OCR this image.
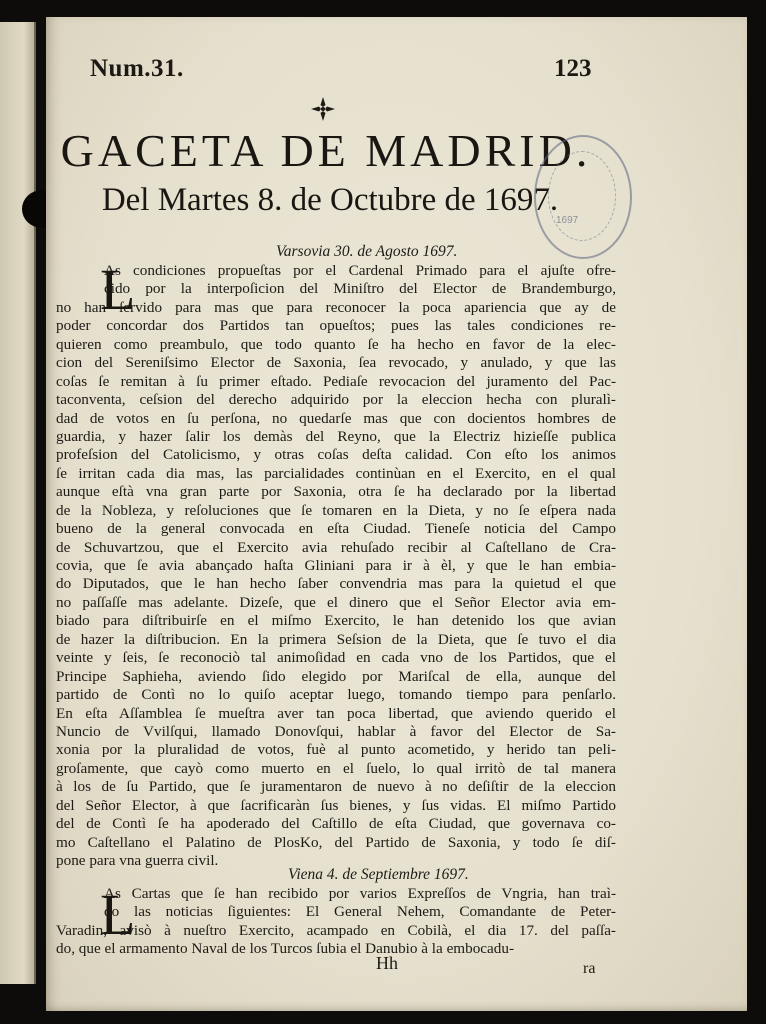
Num.31.	123
GACETA DE MADRID.
Del Martes 8. de Octubre de 1697.
1697
Varsovia 30. de Agosto 1697.
L
As condiciones propueſtas por el Cardenal Primado para el ajuſte ofre-
cido por la interpoſicion del Miniſtro del Elector de Brandemburgo,
no han ſervido para mas que para reconocer la poca apariencia que ay de
poder concordar dos Partidos tan opueſtos; pues las tales condiciones re-
quieren como preambulo, que todo quanto ſe ha hecho en favor de la elec-
cion del Sereniſsimo Elector de Saxonia, ſea revocado, y anulado, y que las
coſas ſe remitan à ſu primer eſtado. Pediaſe revocacion del juramento del Pac-
taconventa, ceſsion del derecho adquirido por la eleccion hecha con pluralì-
dad de votos en ſu perſona, no quedarſe mas que con docientos hombres de
guardia, y hazer ſalir los demàs del Reyno, que la Electriz hizieſſe publica
profeſsion del Catolicismo, y otras coſas deſta calidad. Con eſto los animos
ſe irritan cada dia mas, las parcialidades continùan en el Exercito, en el qual
aunque eſtà vna gran parte por Saxonia, otra ſe ha declarado por la libertad
de la Nobleza, y reſoluciones que ſe tomaren en la Dieta, y no ſe eſpera nada
bueno de la general convocada en eſta Ciudad. Tieneſe noticia del Campo
de Schuvartzou, que el Exercito avia rehuſado recibir al Caſtellano de Cra-
covia, que ſe avia abançado haſta Gliniani para ir à èl, y que le han embia-
do Diputados, que le han hecho ſaber convendria mas para la quietud el que
no paſſaſſe mas adelante. Dizeſe, que el dinero que el Señor Elector avia em-
biado para diſtribuirſe en el miſmo Exercito, le han detenido los que avian
de hazer la diſtribucion. En la primera Seſsion de la Dieta, que ſe tuvo el dia
veinte y ſeis, ſe reconociò tal animoſidad en cada vno de los Partidos, que el
Principe Saphieha, aviendo ſido elegido por Mariſcal de ella, aunque del
partido de Contì no lo quiſo aceptar luego, tomando tiempo para penſarlo.
En eſta Aſſamblea ſe mueſtra aver tan poca libertad, que aviendo querido el
Nuncio de Vvilſqui, llamado Donovſqui, hablar à favor del Elector de Sa-
xonia por la pluralidad de votos, fuè al punto acometido, y herido tan peli-
groſamente, que cayò como muerto en el ſuelo, lo qual irritò de tal manera
à los de ſu Partido, que ſe juramentaron de nuevo à no deſiſtir de la eleccion
del Señor Elector, à que ſacrificaràn ſus bienes, y ſus vidas. El miſmo Partido
del de Contì ſe ha apoderado del Caſtillo de eſta Ciudad, que governava co-
mo Caſtellano el Palatino de PlosKo, del Partido de Saxonia, y todo ſe diſ-
pone para vna guerra civil.
Viena 4. de Septiembre 1697.
L
As Cartas que ſe han recibido por varios Expreſſos de Vngria, han traì-
do las noticias ſiguientes: El General Nehem, Comandante de Peter-
Varadin, avisò à nueſtro Exercito, acampado en Cobilà, el dia 17. del paſſa-
do, que el armamento Naval de los Turcos ſubia el Danubio à la embocadu-
Hh	ra
